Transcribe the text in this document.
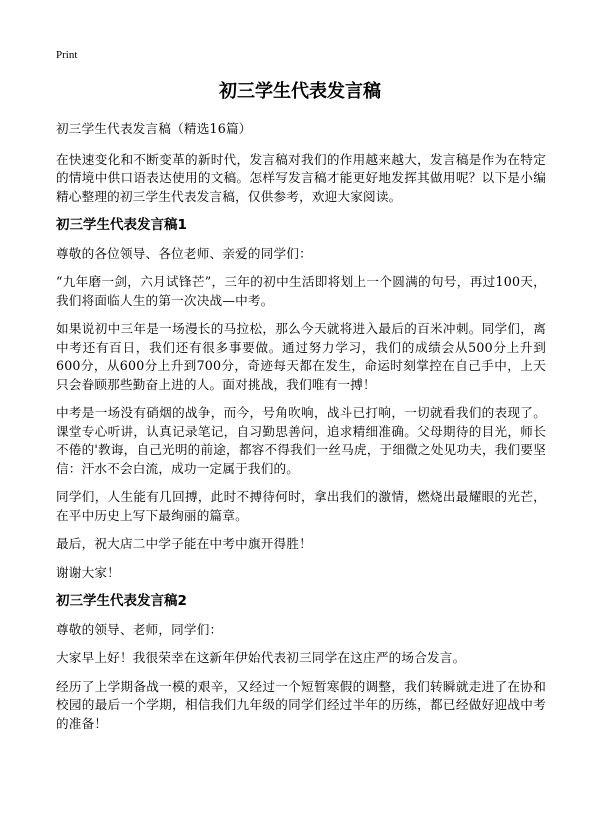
Print
初三学生代表发言稿

初三学生代表发言稿（精选16篇）

在快速变化和不断变革的新时代，发言稿对我们的作用越来越大，发言稿是作为在特定的情境中供口语表达使用的文稿。怎样写发言稿才能更好地发挥其做用呢？以下是小编精心整理的初三学生代表发言稿，仅供参考，欢迎大家阅读。

初三学生代表发言稿1

尊敬的各位领导、各位老师、亲爱的同学们：

“九年磨一剑，六月试锋芒”，三年的初中生活即将划上一个圆满的句号，再过100天，我们将面临人生的第一次决战—中考。

如果说初中三年是一场漫长的马拉松，那么今天就将进入最后的百米冲刺。同学们，离中考还有百日，我们还有很多事要做。通过努力学习，我们的成绩会从500分上升到600分，从600分上升到700分，奇迹每天都在发生，命运时刻掌控在自己手中，上天只会眷顾那些勤奋上进的人。面对挑战，我们唯有一搏！

中考是一场没有硝烟的战争，而今，号角吹响，战斗已打响，一切就看我们的表现了。课堂专心听讲，认真记录笔记，自习勤思善问，追求精细准确。父母期待的目光，师长不倦的'教诲，自己光明的前途，都容不得我们一丝马虎，于细微之处见功夫，我们要坚信：汗水不会白流，成功一定属于我们的。

同学们，人生能有几回搏，此时不搏待何时，拿出我们的激情，燃烧出最耀眼的光芒，在平中历史上写下最绚丽的篇章。

最后，祝大店二中学子能在中考中旗开得胜！

谢谢大家！

初三学生代表发言稿2

尊敬的领导、老师，同学们：

大家早上好！我很荣幸在这新年伊始代表初三同学在这庄严的场合发言。

经历了上学期备战一模的艰辛，又经过一个短暂寒假的调整，我们转瞬就走进了在协和校园的最后一个学期，相信我们九年级的同学们经过半年的历练，都已经做好迎战中考的准备！
